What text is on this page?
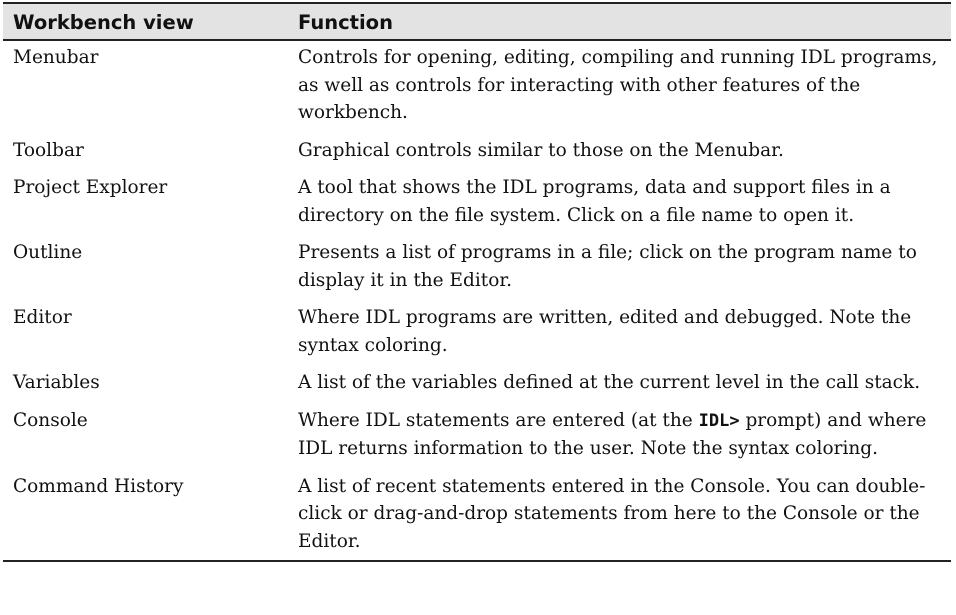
Workbench view	Function
Menubar	Controls for opening, editing, compiling and running IDL programs, as well as controls for interacting with other features of the workbench.
Toolbar	Graphical controls similar to those on the Menubar.
Project Explorer	A tool that shows the IDL programs, data and support files in a directory on the file system. Click on a file name to open it.
Outline	Presents a list of programs in a file; click on the program name to display it in the Editor.
Editor	Where IDL programs are written, edited and debugged. Note the syntax coloring.
Variables	A list of the variables defined at the current level in the call stack.
Console	Where IDL statements are entered (at the IDL> prompt) and where IDL returns information to the user. Note the syntax coloring.
Command History	A list of recent statements entered in the Console. You can double-click or drag-and-drop statements from here to the Console or the Editor.
